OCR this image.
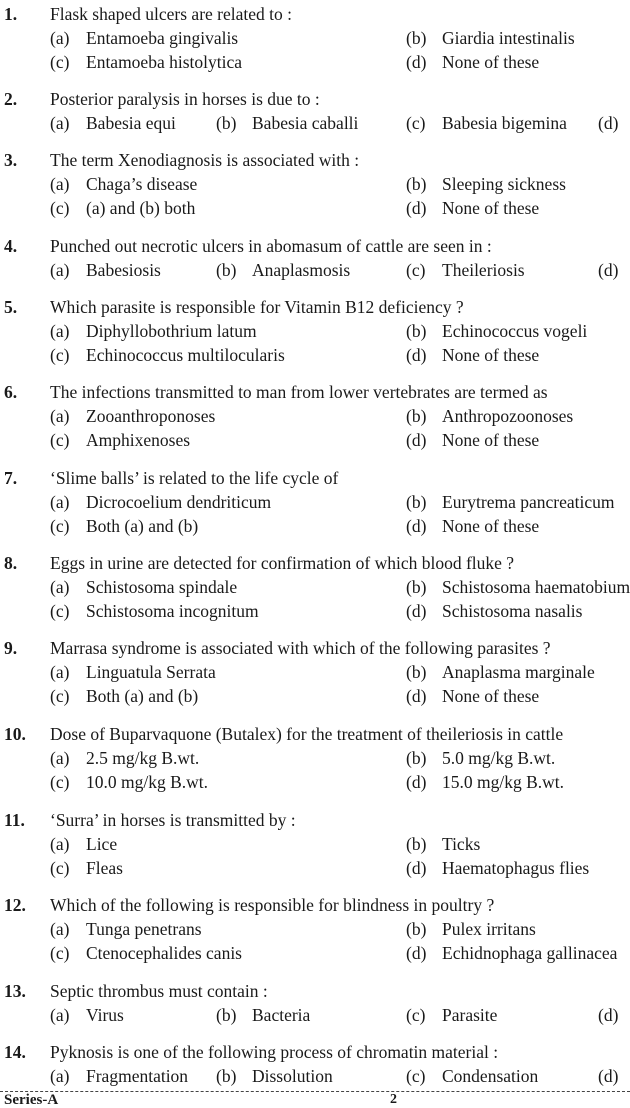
1. Flask shaped ulcers are related to :
(a) Entamoeba gingivalis	(b) Giardia intestinalis
(c) Entamoeba histolytica	(d) None of these
2. Posterior paralysis in horses is due to :
(a) Babesia equi (b) Babesia caballi	(c) Babesia bigemina (d)
3. The term Xenodiagnosis is associated with :
(a) Chaga’s disease	(b) Sleeping sickness
(c) (a) and (b) both	(d) None of these
4. Punched out necrotic ulcers in abomasum of cattle are seen in :
(a) Babesiosis	(b) Anaplasmosis	(c) Theileriosis	(d)
5. Which parasite is responsible for Vitamin B12 deficiency ?
(a) Diphyllobothrium latum	(b) Echinococcus vogeli
(c) Echinococcus multilocularis	(d) None of these
6. The infections transmitted to man from lower vertebrates are termed as
(a) Zooanthroponoses	(b) Anthropozoonoses
(c) Amphixenoses	(d) None of these
7. ‘Slime balls’ is related to the life cycle of
(a) Dicrocoelium dendriticum	(b) Eurytrema pancreaticum
(c) Both (a) and (b)	(d) None of these
8. Eggs in urine are detected for confirmation of which blood fluke ?
(a) Schistosoma spindale	(b) Schistosoma haematobium
(c) Schistosoma incognitum	(d) Schistosoma nasalis
9. Marrasa syndrome is associated with which of the following parasites ?
(a) Linguatula Serrata	(b) Anaplasma marginale
(c) Both (a) and (b)	(d) None of these
10. Dose of Buparvaquone (Butalex) for the treatment of theileriosis in cattle
(a) 2.5 mg/kg B.wt.	(b) 5.0 mg/kg B.wt.
(c) 10.0 mg/kg B.wt.	(d) 15.0 mg/kg B.wt.
11. ‘Surra’ in horses is transmitted by :
(a) Lice	(b) Ticks
(c) Fleas	(d) Haematophagus flies
12. Which of the following is responsible for blindness in poultry ?
(a) Tunga penetrans	(b) Pulex irritans
(c) Ctenocephalides canis	(d) Echidnophaga gallinacea
13. Septic thrombus must contain :
(a) Virus	(b) Bacteria	(c) Parasite	(d)
14. Pyknosis is one of the following process of chromatin material :
(a) Fragmentation (b) Dissolution	(c) Condensation	(d)
Series-A	2
